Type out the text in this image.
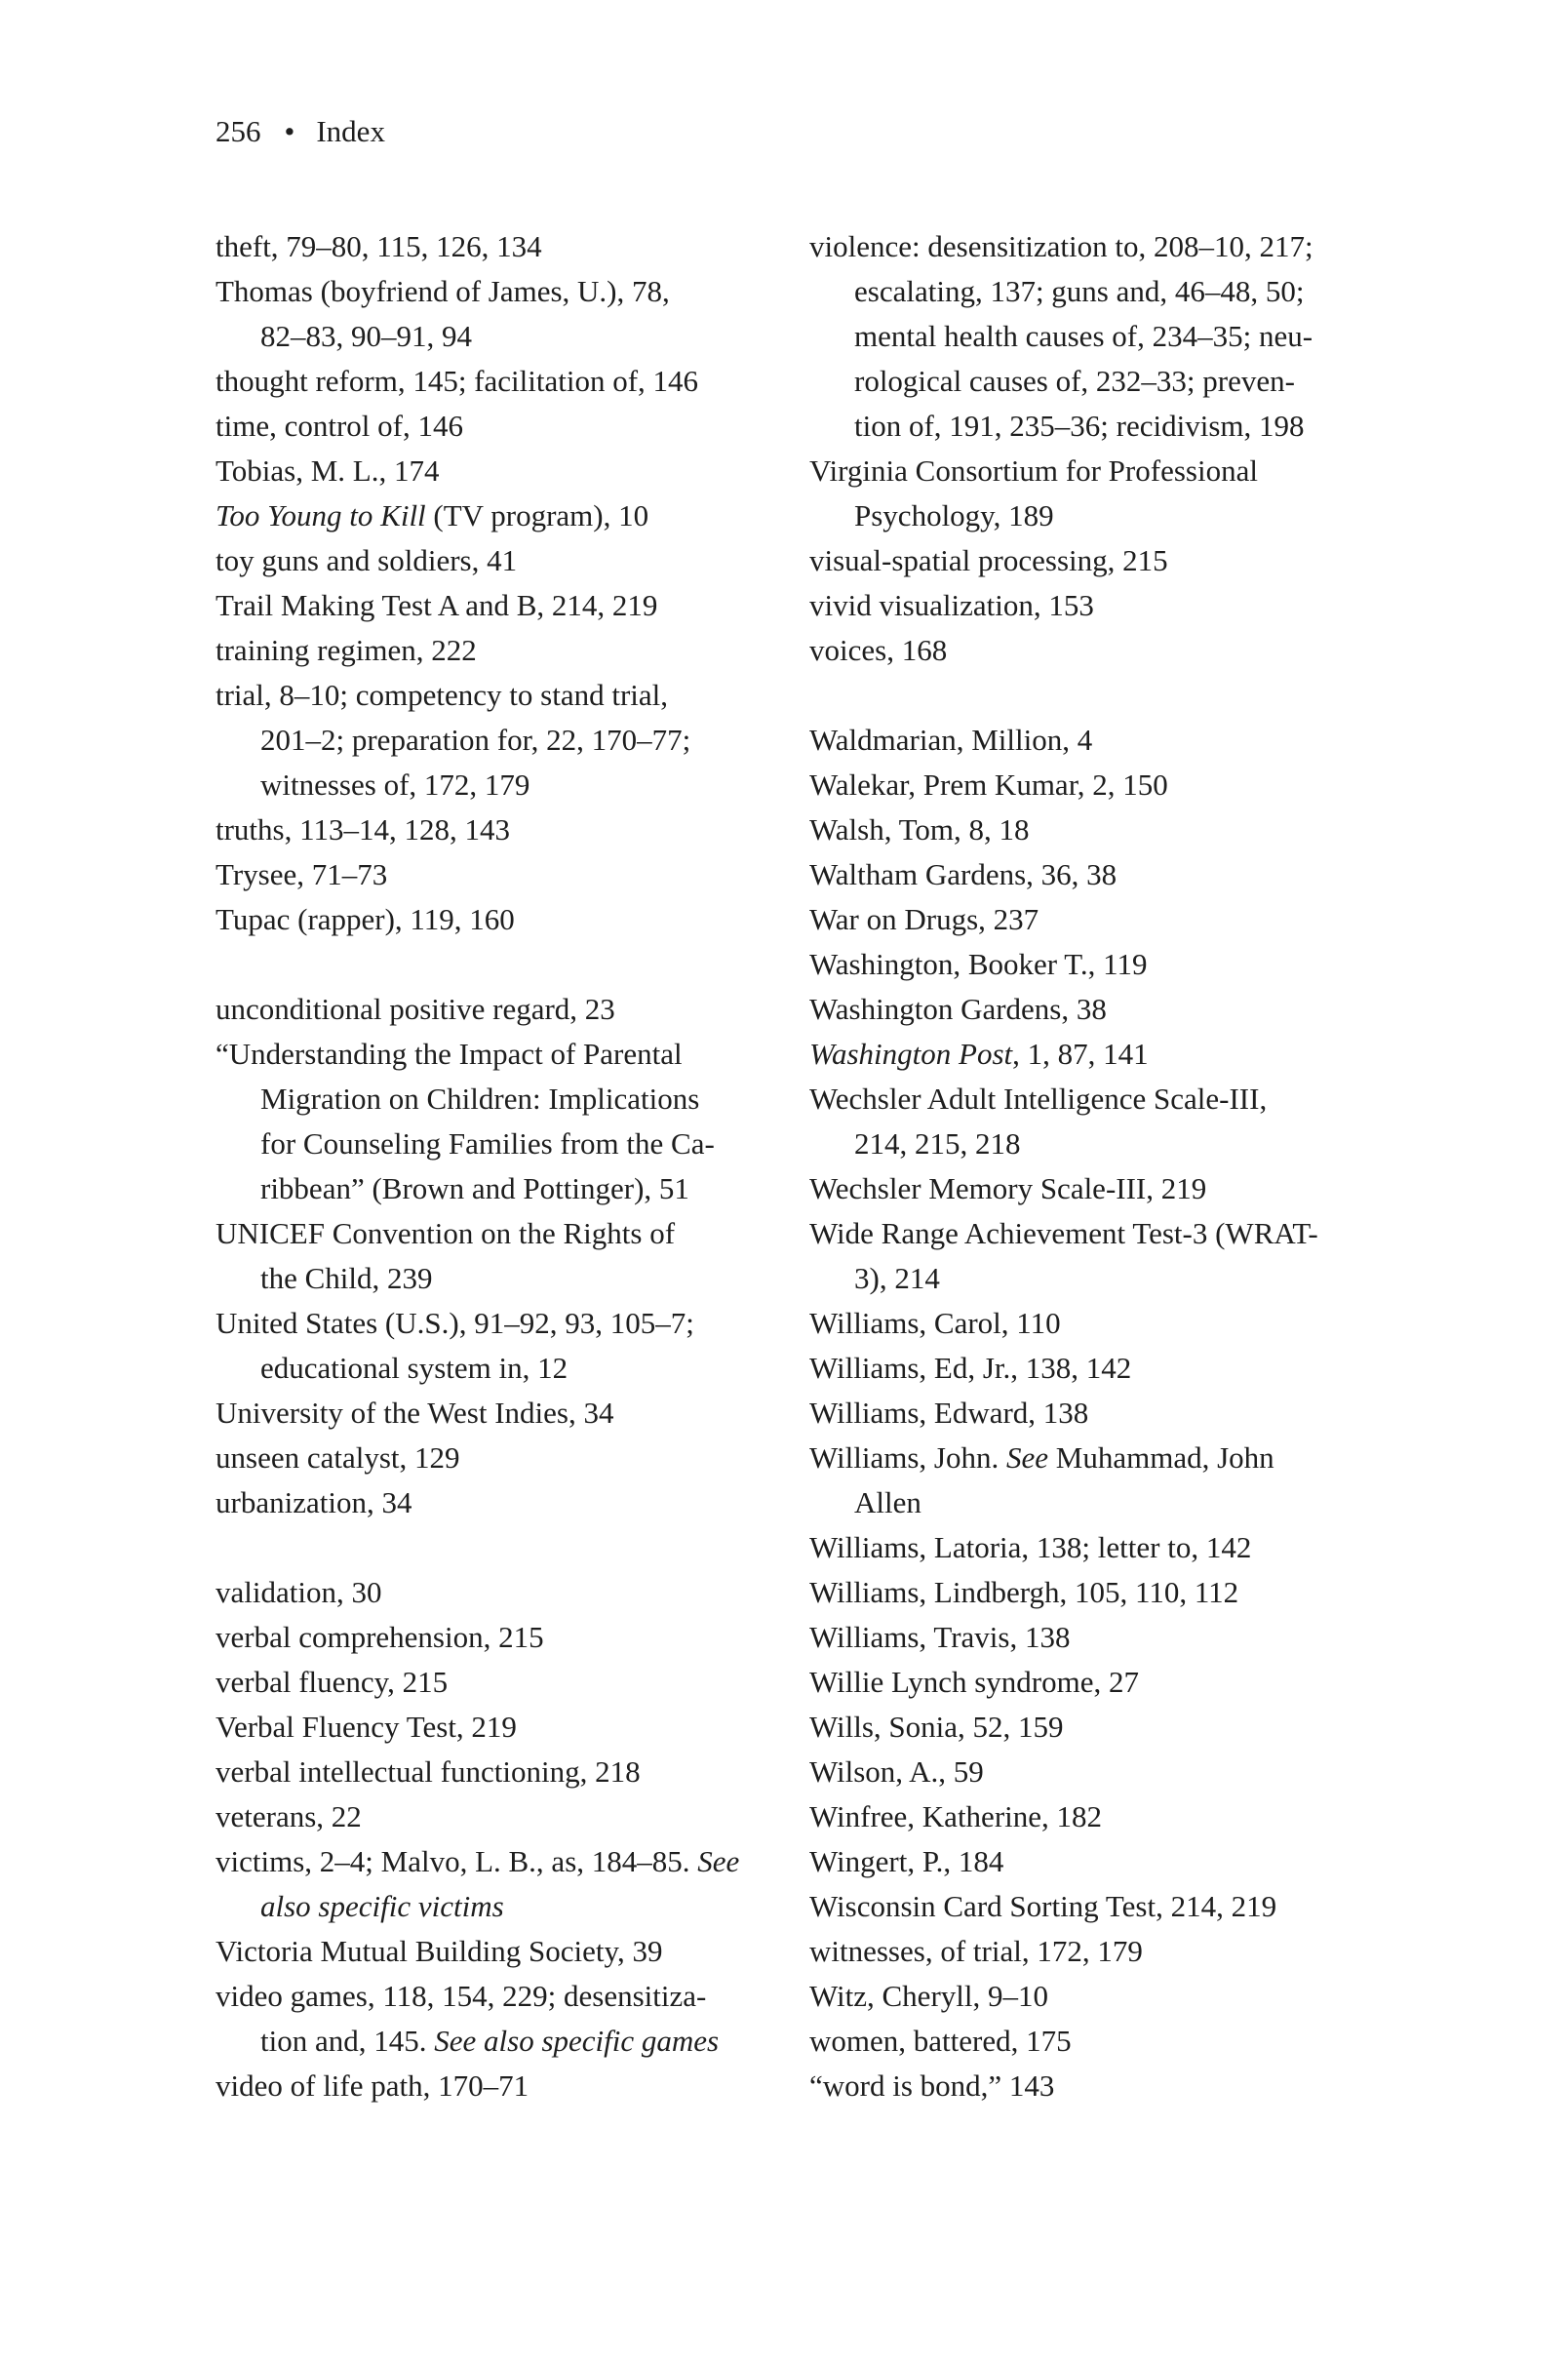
256 • Index
theft, 79–80, 115, 126, 134
Thomas (boyfriend of James, U.), 78,
82–83, 90–91, 94
thought reform, 145; facilitation of, 146
time, control of, 146
Tobias, M. L., 174
Too Young to Kill (TV program), 10
toy guns and soldiers, 41
Trail Making Test A and B, 214, 219
training regimen, 222
trial, 8–10; competency to stand trial,
201–2; preparation for, 22, 170–77;
witnesses of, 172, 179
truths, 113–14, 128, 143
Trysee, 71–73
Tupac (rapper), 119, 160
unconditional positive regard, 23
“Understanding the Impact of Parental
Migration on Children: Implications
for Counseling Families from the Ca-
ribbean” (Brown and Pottinger), 51
UNICEF Convention on the Rights of
the Child, 239
United States (U.S.), 91–92, 93, 105–7;
educational system in, 12
University of the West Indies, 34
unseen catalyst, 129
urbanization, 34
validation, 30
verbal comprehension, 215
verbal fluency, 215
Verbal Fluency Test, 219
verbal intellectual functioning, 218
veterans, 22
victims, 2–4; Malvo, L. B., as, 184–85. See
also specific victims
Victoria Mutual Building Society, 39
video games, 118, 154, 229; desensitiza-
tion and, 145. See also specific games
video of life path, 170–71
violence: desensitization to, 208–10, 217;
escalating, 137; guns and, 46–48, 50;
mental health causes of, 234–35; neu-
rological causes of, 232–33; preven-
tion of, 191, 235–36; recidivism, 198
Virginia Consortium for Professional
Psychology, 189
visual-spatial processing, 215
vivid visualization, 153
voices, 168
Waldmarian, Million, 4
Walekar, Prem Kumar, 2, 150
Walsh, Tom, 8, 18
Waltham Gardens, 36, 38
War on Drugs, 237
Washington, Booker T., 119
Washington Gardens, 38
Washington Post, 1, 87, 141
Wechsler Adult Intelligence Scale-III,
214, 215, 218
Wechsler Memory Scale-III, 219
Wide Range Achievement Test-3 (WRAT-
3), 214
Williams, Carol, 110
Williams, Ed, Jr., 138, 142
Williams, Edward, 138
Williams, John. See Muhammad, John
Allen
Williams, Latoria, 138; letter to, 142
Williams, Lindbergh, 105, 110, 112
Williams, Travis, 138
Willie Lynch syndrome, 27
Wills, Sonia, 52, 159
Wilson, A., 59
Winfree, Katherine, 182
Wingert, P., 184
Wisconsin Card Sorting Test, 214, 219
witnesses, of trial, 172, 179
Witz, Cheryll, 9–10
women, battered, 175
“word is bond,” 143
